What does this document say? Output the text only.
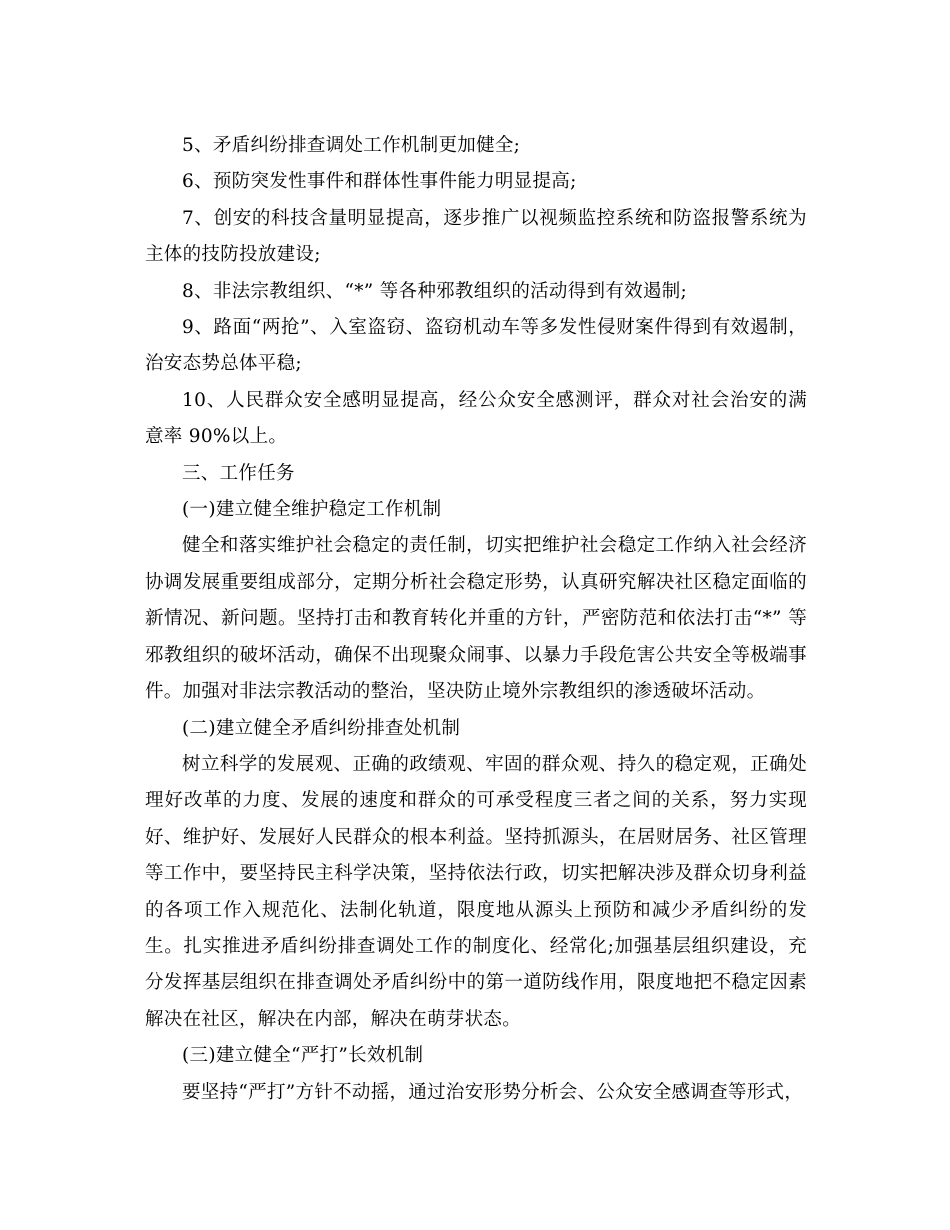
5、矛盾纠纷排查调处工作机制更加健全;

6、预防突发性事件和群体性事件能力明显提高;

7、创安的科技含量明显提高，逐步推广以视频监控系统和防盗报警系统为主体的技防投放建设;

8、非法宗教组织、“*” 等各种邪教组织的活动得到有效遏制;

9、路面“两抢”、入室盗窃、盗窃机动车等多发性侵财案件得到有效遏制，治安态势总体平稳;

10、人民群众安全感明显提高，经公众安全感测评，群众对社会治安的满意率 90%以上。

三、工作任务

(一)建立健全维护稳定工作机制

健全和落实维护社会稳定的责任制，切实把维护社会稳定工作纳入社会经济协调发展重要组成部分，定期分析社会稳定形势，认真研究解决社区稳定面临的新情况、新问题。坚持打击和教育转化并重的方针，严密防范和依法打击“*” 等邪教组织的破坏活动，确保不出现聚众闹事、以暴力手段危害公共安全等极端事件。加强对非法宗教活动的整治，坚决防止境外宗教组织的渗透破坏活动。

(二)建立健全矛盾纠纷排查处机制

树立科学的发展观、正确的政绩观、牢固的群众观、持久的稳定观，正确处理好改革的力度、发展的速度和群众的可承受程度三者之间的关系，努力实现好、维护好、发展好人民群众的根本利益。坚持抓源头，在居财居务、社区管理等工作中，要坚持民主科学决策，坚持依法行政，切实把解决涉及群众切身利益的各项工作入规范化、法制化轨道，限度地从源头上预防和减少矛盾纠纷的发生。扎实推进矛盾纠纷排查调处工作的制度化、经常化;加强基层组织建设，充分发挥基层组织在排查调处矛盾纠纷中的第一道防线作用，限度地把不稳定因素解决在社区，解决在内部，解决在萌芽状态。

(三)建立健全“严打”长效机制

要坚持“严打”方针不动摇，通过治安形势分析会、公众安全感调查等形式，
